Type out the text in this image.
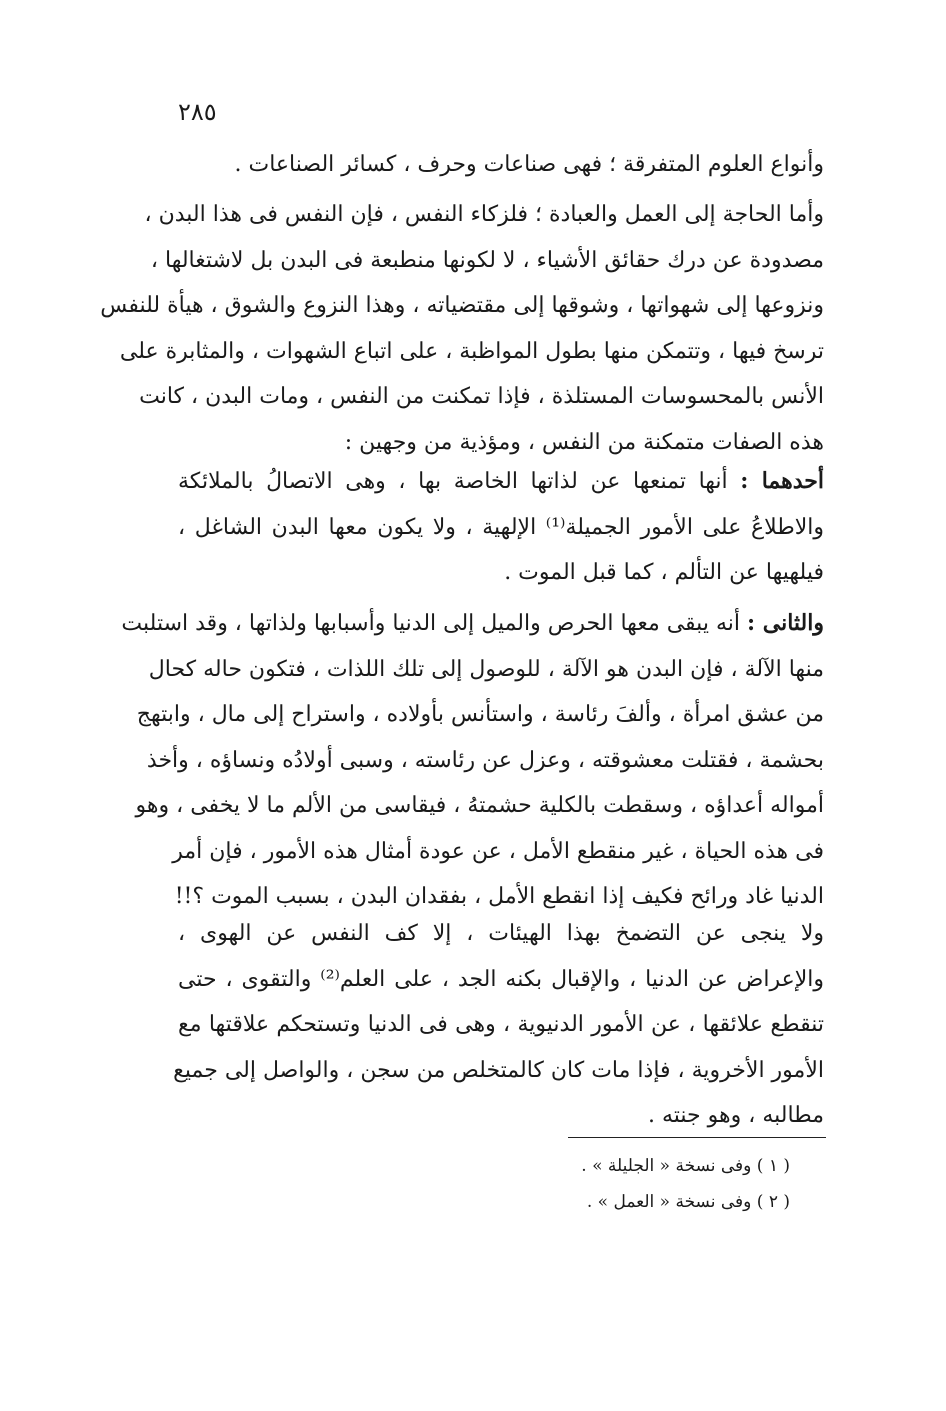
٢٨٥
وأنواع العلوم المتفرقة ؛ فهى صناعات وحرف ، كسائر الصناعات .
وأما الحاجة إلى العمل والعبادة ؛ فلزكاء النفس ، فإن النفس فى هذا البدن ،
مصدودة عن درك حقائق الأشياء ، لا لكونها منطبعة فى البدن بل لاشتغالها ،
ونزوعها إلى شهواتها ، وشوقها إلى مقتضياته ، وهذا النزوع والشوق ، هيأة للنفس
ترسخ فيها ، وتتمكن منها بطول المواظبة ، على اتباع الشهوات ، والمثابرة على
الأنس بالمحسوسات المستلذة ، فإذا تمكنت من النفس ، ومات البدن ، كانت
هذه الصفات متمكنة من النفس ، ومؤذية من وجهين :
أحدهما : أنها تمنعها عن لذاتها الخاصة بها ، وهى الاتصالُ بالملائكة
والاطلاعُ على الأمور الجميلة⁽¹⁾ الإلهية ، ولا يكون معها البدن الشاغل ،
فيلهيها عن التألم ، كما قبل الموت .
والثانى : أنه يبقى معها الحرص والميل إلى الدنيا وأسبابها ولذاتها ، وقد استلبت
منها الآلة ، فإن البدن هو الآلة ، للوصول إلى تلك اللذات ، فتكون حاله كحال
من عشق امرأة ، وألفَ رئاسة ، واستأنس بأولاده ، واستراح إلى مال ، وابتهج
بحشمة ، فقتلت معشوقته ، وعزل عن رئاسته ، وسبى أولادُه ونساؤه ، وأخذ
أمواله أعداؤه ، وسقطت بالكلية حشمتهُ ، فيقاسى من الألم ما لا يخفى ، وهو
فى هذه الحياة ، غير منقطع الأمل ، عن عودة أمثال هذه الأمور ، فإن أمر
الدنيا غاد ورائح فكيف إذا انقطع الأمل ، بفقدان البدن ، بسبب الموت ؟!!
ولا ينجى عن التضمخ بهذا الهيئات ، إلا كف النفس عن الهوى ،
والإعراض عن الدنيا ، والإقبال بكنه الجد ، على العلم⁽²⁾ والتقوى ، حتى
تنقطع علائقها ، عن الأمور الدنيوية ، وهى فى الدنيا وتستحكم علاقتها مع
الأمور الأخروية ، فإذا مات كان كالمتخلص من سجن ، والواصل إلى جميع
مطالبه ، وهو جنته .
( ١ ) وفى نسخة « الجليلة » .
( ٢ ) وفى نسخة « العمل » .
